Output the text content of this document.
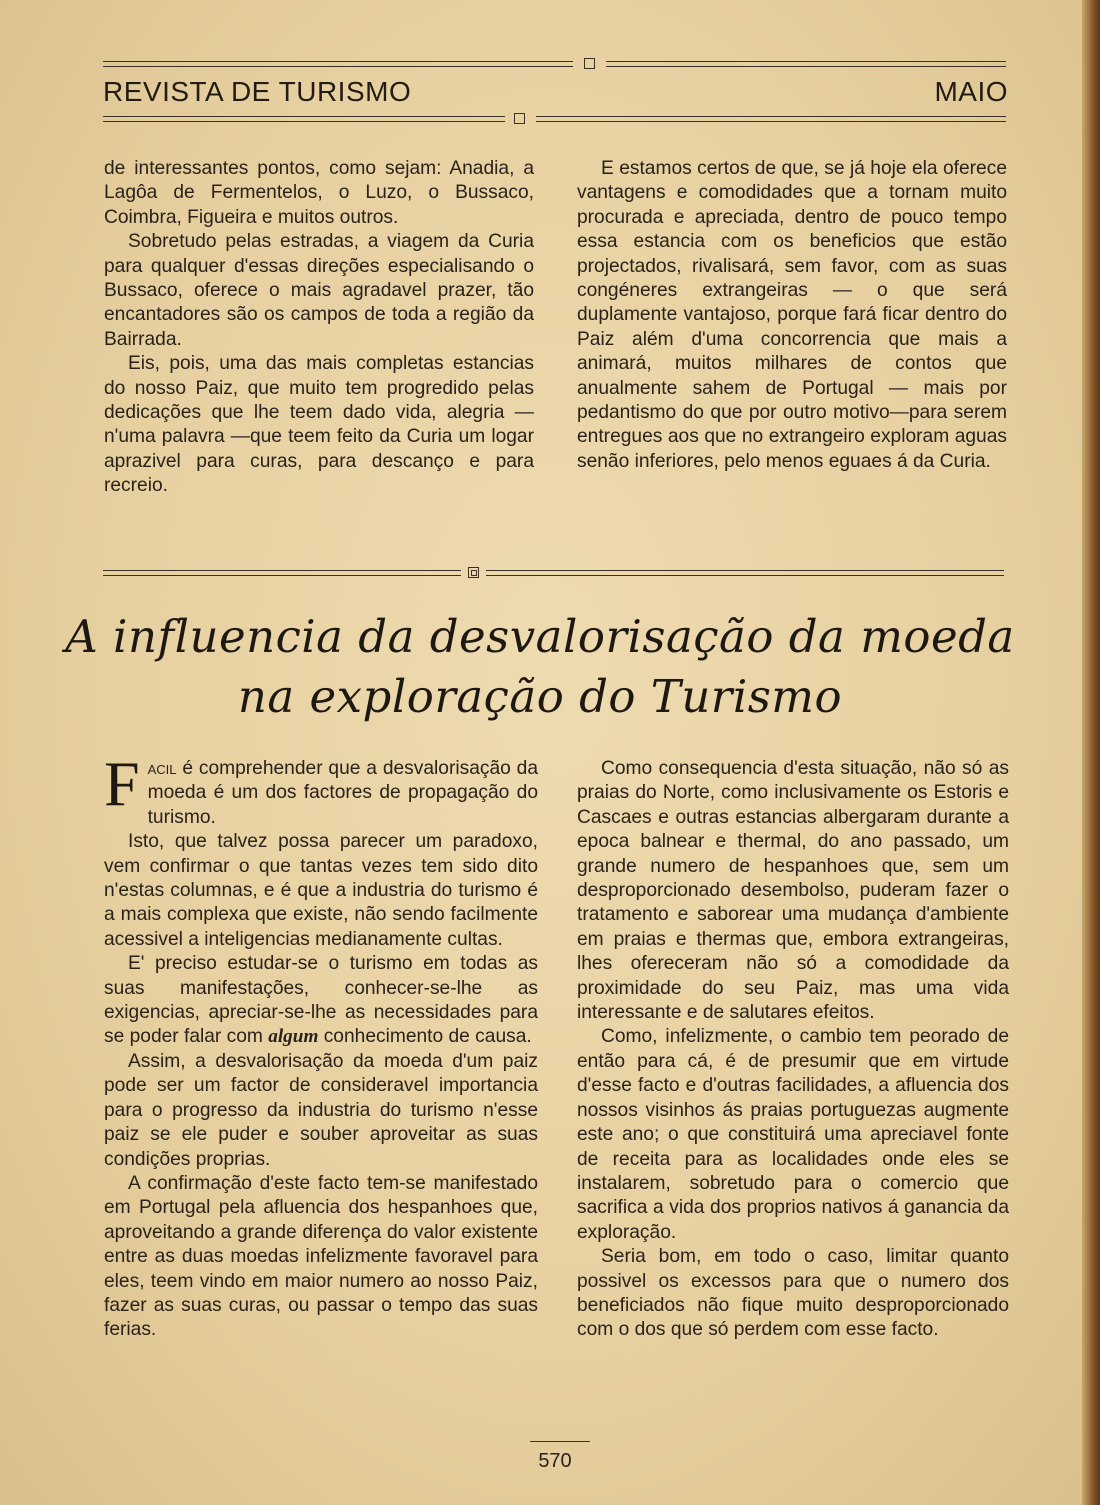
REVISTA DE TURISMO	MAIO

de interessantes pontos, como sejam: Anadia, a Lagôa de Fermentelos, o Luzo, o Bussaco, Coimbra, Figueira e muitos outros.

Sobretudo pelas estradas, a viagem da Curia para qualquer d'essas direções especialisando o Bussaco, oferece o mais agradavel prazer, tão encantadores são os campos de toda a região da Bairrada.

Eis, pois, uma das mais completas estancias do nosso Paiz, que muito tem progredido pelas dedicações que lhe teem dado vida, alegria — n'uma palavra —que teem feito da Curia um logar aprazivel para curas, para descanço e para recreio.

E estamos certos de que, se já hoje ela oferece vantagens e comodidades que a tornam muito procurada e apreciada, dentro de pouco tempo essa estancia com os beneficios que estão projectados, rivalisará, sem favor, com as suas congéneres extrangeiras — o que será duplamente vantajoso, porque fará ficar dentro do Paiz além d'uma concorrencia que mais a animará, muitos milhares de contos que anualmente sahem de Portugal — mais por pedantismo do que por outro motivo—para serem entregues aos que no extrangeiro exploram aguas senão inferiores, pelo menos eguaes á da Curia.

A influencia da desvalorisação da moeda
na exploração do Turismo

Facil é comprehender que a desvalorisação da moeda é um dos factores de propagação do turismo.

Isto, que talvez possa parecer um paradoxo, vem confirmar o que tantas vezes tem sido dito n'estas columnas, e é que a industria do turismo é a mais complexa que existe, não sendo facilmente acessivel a inteligencias medianamente cultas.

E' preciso estudar-se o turismo em todas as suas manifestações, conhecer-se-lhe as exigencias, apreciar-se-lhe as necessidades para se poder falar com algum conhecimento de causa.

Assim, a desvalorisação da moeda d'um paiz pode ser um factor de consideravel importancia para o progresso da industria do turismo n'esse paiz se ele puder e souber aproveitar as suas condições proprias.

A confirmação d'este facto tem-se manifestado em Portugal pela afluencia dos hespanhoes que, aproveitando a grande diferença do valor existente entre as duas moedas infelizmente favoravel para eles, teem vindo em maior numero ao nosso Paiz, fazer as suas curas, ou passar o tempo das suas ferias.

Como consequencia d'esta situação, não só as praias do Norte, como inclusivamente os Estoris e Cascaes e outras estancias albergaram durante a epoca balnear e thermal, do ano passado, um grande numero de hespanhoes que, sem um desproporcionado desembolso, puderam fazer o tratamento e saborear uma mudança d'ambiente em praias e thermas que, embora extrangeiras, lhes ofereceram não só a comodidade da proximidade do seu Paiz, mas uma vida interessante e de salutares efeitos.

Como, infelizmente, o cambio tem peorado de então para cá, é de presumir que em virtude d'esse facto e d'outras facilidades, a afluencia dos nossos visinhos ás praias portuguezas augmente este ano; o que constituirá uma apreciavel fonte de receita para as localidades onde eles se instalarem, sobretudo para o comercio que sacrifica a vida dos proprios nativos á ganancia da exploração.

Seria bom, em todo o caso, limitar quanto possivel os excessos para que o numero dos beneficiados não fique muito desproporcionado com o dos que só perdem com esse facto.

570
